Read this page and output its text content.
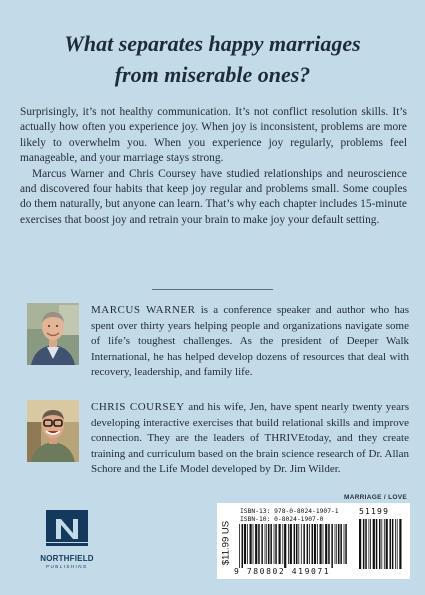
What separates happy marriages
from miserable ones?

Surprisingly, it’s not healthy communication. It’s not conflict resolution skills. It’s actually how often you experience joy. When joy is inconsistent, problems are more likely to overwhelm you. When you experience joy regularly, problems feel manageable, and your marriage stays strong.

Marcus Warner and Chris Coursey have studied relationships and neuroscience and discovered four habits that keep joy regular and problems small. Some couples do them naturally, but anyone can learn. That’s why each chapter includes 15-minute exercises that boost joy and retrain your brain to make joy your default setting.

MARCUS WARNER is a conference speaker and author who has spent over thirty years helping people and organizations navigate some of life’s toughest challenges. As the president of Deeper Walk International, he has helped develop dozens of resources that deal with recovery, leadership, and family life.
CHRIS COURSEY and his wife, Jen, have spent nearly twenty years developing interactive exercises that build relational skills and improve connection. They are the leaders of THRIVEtoday, and they create training and curriculum based on the brain science research of Dr. Allan Schore and the Life Model developed by Dr. Jim Wilder.
MARRIAGE / LOVE
NORTHFIELD
PUBLISHING
$11.99 US
ISBN-13: 978-0-8024-1907-1
ISBN-10: 0-8024-1907-0
9 780802 419071
51199
